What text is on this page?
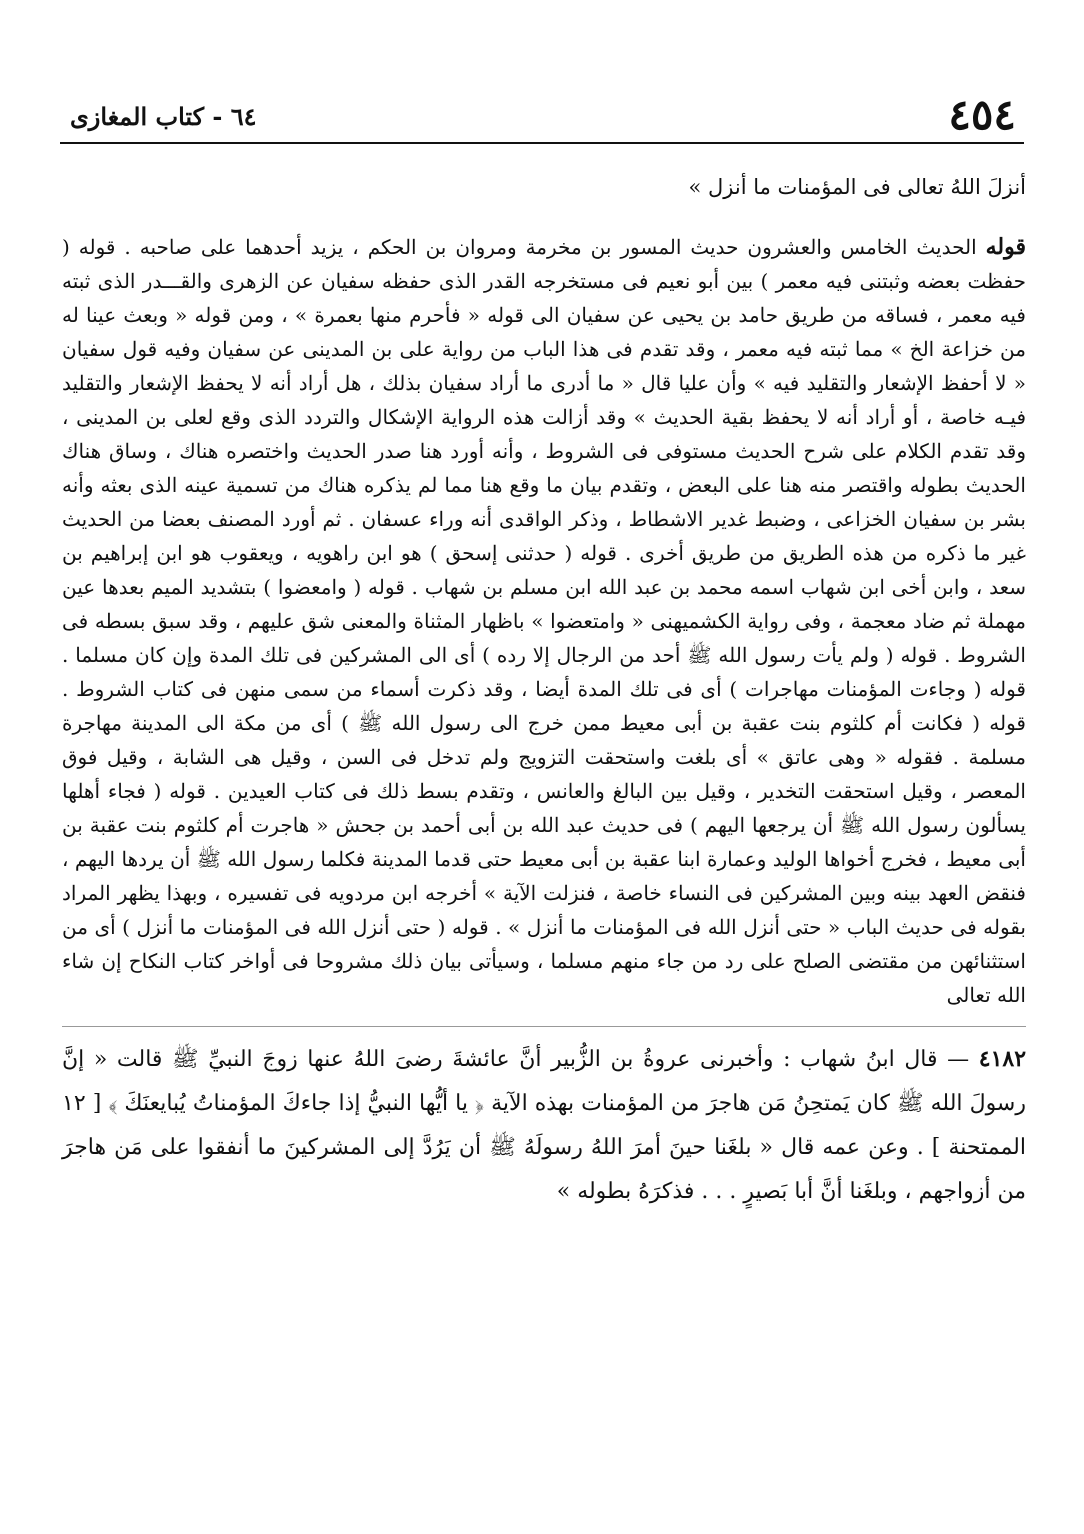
٤٥٤
٦٤ - كتاب المغازى

أنزلَ اللهُ تعالى فى المؤمنات ما أنزل »

قوله الحديث الخامس والعشرون حديث المسور بن مخرمة ومروان بن الحكم ، يزيد أحدهما على صاحبه . قوله ( حفظت بعضه وثبتنى فيه معمر ) بين أبو نعيم فى مستخرجه القدر الذى حفظه سفيان عن الزهرى والقـــدر الذى ثبته فيه معمر ، فساقه من طريق حامد بن يحيى عن سفيان الى قوله « فأحرم منها بعمرة » ، ومن قوله « وبعث عينا له من خزاعة الخ » مما ثبته فيه معمر ، وقد تقدم فى هذا الباب من رواية على بن المدينى عن سفيان وفيه قول سفيان « لا أحفظ الإشعار والتقليد فيه » وأن عليا قال « ما أدرى ما أراد سفيان بذلك ، هل أراد أنه لا يحفظ الإشعار والتقليد فيـه خاصة ، أو أراد أنه لا يحفظ بقية الحديث » وقد أزالت هذه الرواية الإشكال والتردد الذى وقع لعلى بن المدينى ، وقد تقدم الكلام على شرح الحديث مستوفى فى الشروط ، وأنه أورد هنا صدر الحديث واختصره هناك ، وساق هناك الحديث بطوله واقتصر منه هنا على البعض ، وتقدم بيان ما وقع هنا مما لم يذكره هناك من تسمية عينه الذى بعثه وأنه بشر بن سفيان الخزاعى ، وضبط غدير الاشطاط ، وذكر الواقدى أنه وراء عسفان . ثم أورد المصنف بعضا من الحديث غير ما ذكره من هذه الطريق من طريق أخرى . قوله ( حدثنى إسحق ) هو ابن راهويه ، ويعقوب هو ابن إبراهيم بن سعد ، وابن أخى ابن شهاب اسمه محمد بن عبد الله ابن مسلم بن شهاب . قوله ( وامعضوا ) بتشديد الميم بعدها عين مهملة ثم ضاد معجمة ، وفى رواية الكشميهنى « وامتعضوا » باظهار المثناة والمعنى شق عليهم ، وقد سبق بسطه فى الشروط . قوله ( ولم يأت رسول الله ﷺ أحد من الرجال إلا رده ) أى الى المشركين فى تلك المدة وإن كان مسلما . قوله ( وجاءت المؤمنات مهاجرات ) أى فى تلك المدة أيضا ، وقد ذكرت أسماء من سمى منهن فى كتاب الشروط . قوله ( فكانت أم كلثوم بنت عقبة بن أبى معيط ممن خرج الى رسول الله ﷺ ) أى من مكة الى المدينة مهاجرة مسلمة . فقوله « وهى عاتق » أى بلغت واستحقت التزويج ولم تدخل فى السن ، وقيل هى الشابة ، وقيل فوق المعصر ، وقيل استحقت التخدير ، وقيل بين البالغ والعانس ، وتقدم بسط ذلك فى كتاب العيدين . قوله ( فجاء أهلها يسألون رسول الله ﷺ أن يرجعها اليهم ) فى حديث عبد الله بن أبى أحمد بن جحش « هاجرت أم كلثوم بنت عقبة بن أبى معيط ، فخرج أخواها الوليد وعمارة ابنا عقبة بن أبى معيط حتى قدما المدينة فكلما رسول الله ﷺ أن يردها اليهم ، فنقض العهد بينه وبين المشركين فى النساء خاصة ، فنزلت الآية » أخرجه ابن مردويه فى تفسيره ، وبهذا يظهر المراد بقوله فى حديث الباب « حتى أنزل الله فى المؤمنات ما أنزل » . قوله ( حتى أنزل الله فى المؤمنات ما أنزل ) أى من استثنائهن من مقتضى الصلح على رد من جاء منهم مسلما ، وسيأتى بيان ذلك مشروحا فى أواخر كتاب النكاح إن شاء الله تعالى

٤١٨٢ — قال ابنُ شهاب : وأخبرنى عروةُ بن الزُّبير أنَّ عائشةَ رضىَ اللهُ عنها زوجَ النبيِّ ﷺ قالت « إنَّ رسولَ الله ﷺ كان يَمتحِنُ مَن هاجرَ من المؤمنات بهذه الآية ﴿ يا أيُّها النبيُّ إذا جاءكَ المؤمناتُ يُبايعنَكَ ﴾ [ ١٢ الممتحنة ] . وعن عمه قال « بلغَنا حينَ أمرَ اللهُ رسولَهُ ﷺ أن يَرُدَّ إلى المشركينَ ما أنفقوا على مَن هاجرَ من أزواجهم ، وبلغَنا أنَّ أبا بَصيرٍ . . . فذكرَهُ بطوله »
